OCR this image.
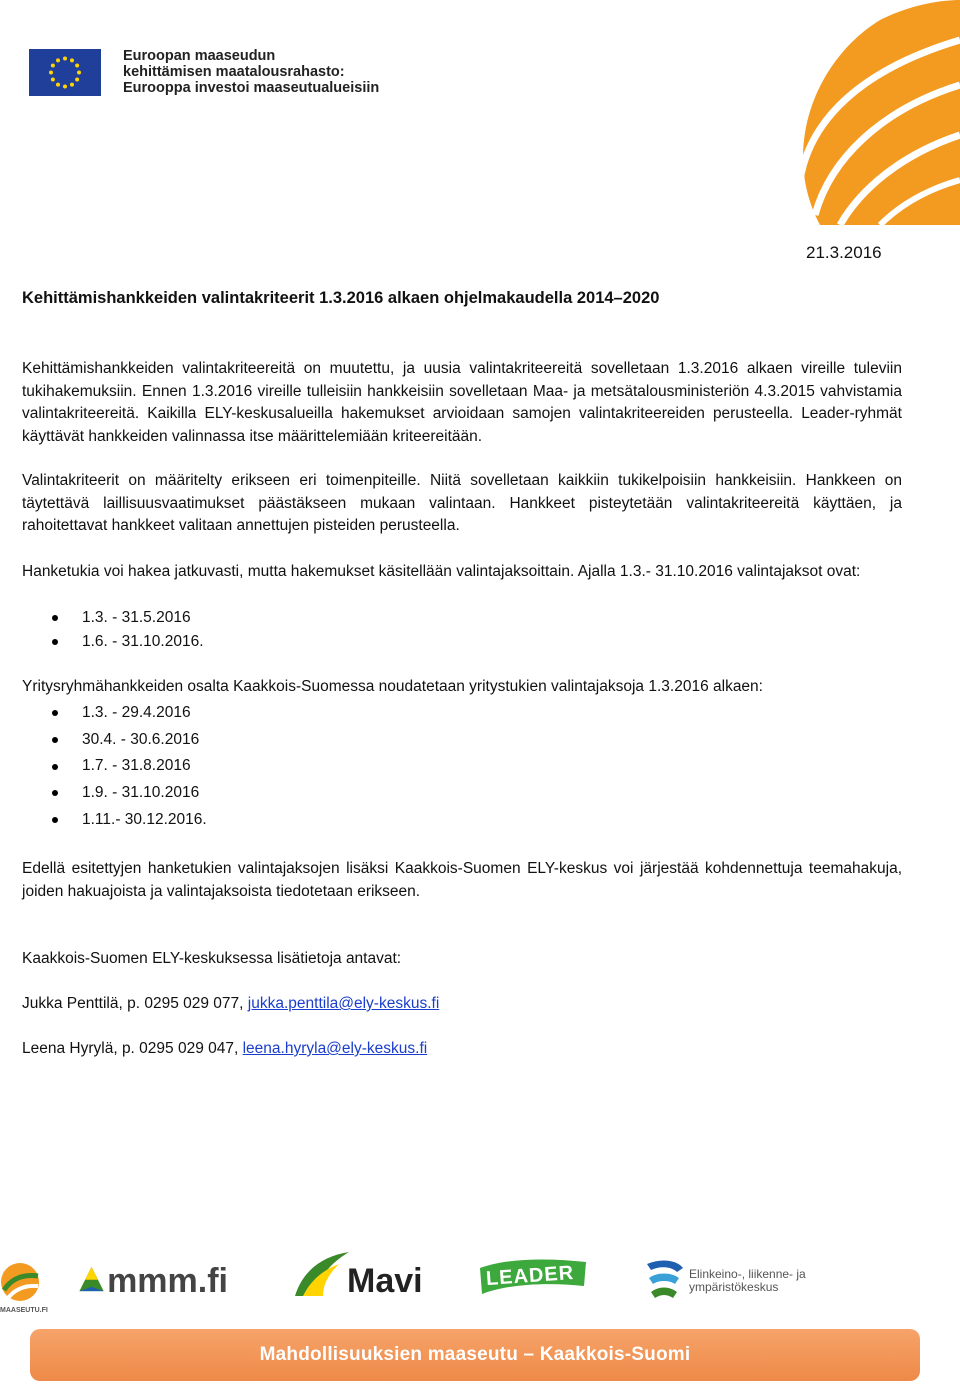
Euroopan maaseudun
kehittämisen maatalousrahasto:
Eurooppa investoi maaseutualueisiin
21.3.2016
Kehittämishankkeiden valintakriteerit 1.3.2016 alkaen ohjelmakaudella 2014–2020
Kehittämishankkeiden valintakriteereitä on muutettu, ja uusia valintakriteereitä sovelletaan 1.3.2016 alkaen vireille tuleviin tukihakemuksiin. Ennen 1.3.2016 vireille tulleisiin hankkeisiin sovelletaan Maa- ja metsätalousministeriön 4.3.2015 vahvistamia valintakriteereitä. Kaikilla ELY-keskusalueilla hakemukset arvioidaan samojen valintakriteereiden perusteella. Leader-ryhmät käyttävät hankkeiden valinnassa itse määrittelemiään kriteereitään.
Valintakriteerit on määritelty erikseen eri toimenpiteille. Niitä sovelletaan kaikkiin tukikelpoisiin hankkeisiin. Hankkeen on täytettävä laillisuusvaatimukset päästäkseen mukaan valintaan. Hankkeet pisteytetään valintakriteereitä käyttäen, ja rahoitettavat hankkeet valitaan annettujen pisteiden perusteella.
Hanketukia voi hakea jatkuvasti, mutta hakemukset käsitellään valintajaksoittain. Ajalla 1.3.- 31.10.2016 valintajaksot ovat:
1.3. - 31.5.2016
1.6. - 31.10.2016.
Yritysryhmähankkeiden osalta Kaakkois-Suomessa noudatetaan yritystukien valintajaksoja 1.3.2016 alkaen:
1.3. - 29.4.2016
30.4. - 30.6.2016
1.7. - 31.8.2016
1.9. - 31.10.2016
1.11.- 30.12.2016.
Edellä esitettyjen hanketukien valintajaksojen lisäksi Kaakkois-Suomen ELY-keskus voi järjestää kohdennettuja teemahakuja, joiden hakuajoista ja valintajaksoista tiedotetaan erikseen.
Kaakkois-Suomen ELY-keskuksessa lisätietoja antavat:
Jukka Penttilä, p. 0295 029 077, jukka.penttila@ely-keskus.fi
Leena Hyrylä, p. 0295 029 047, leena.hyryla@ely-keskus.fi
MAASEUTU.FI
mmm.fi	Mavi	LEADER	Elinkeino-, liikenne- ja
ympäristökeskus
Mahdollisuuksien maaseutu – Kaakkois-Suomi
